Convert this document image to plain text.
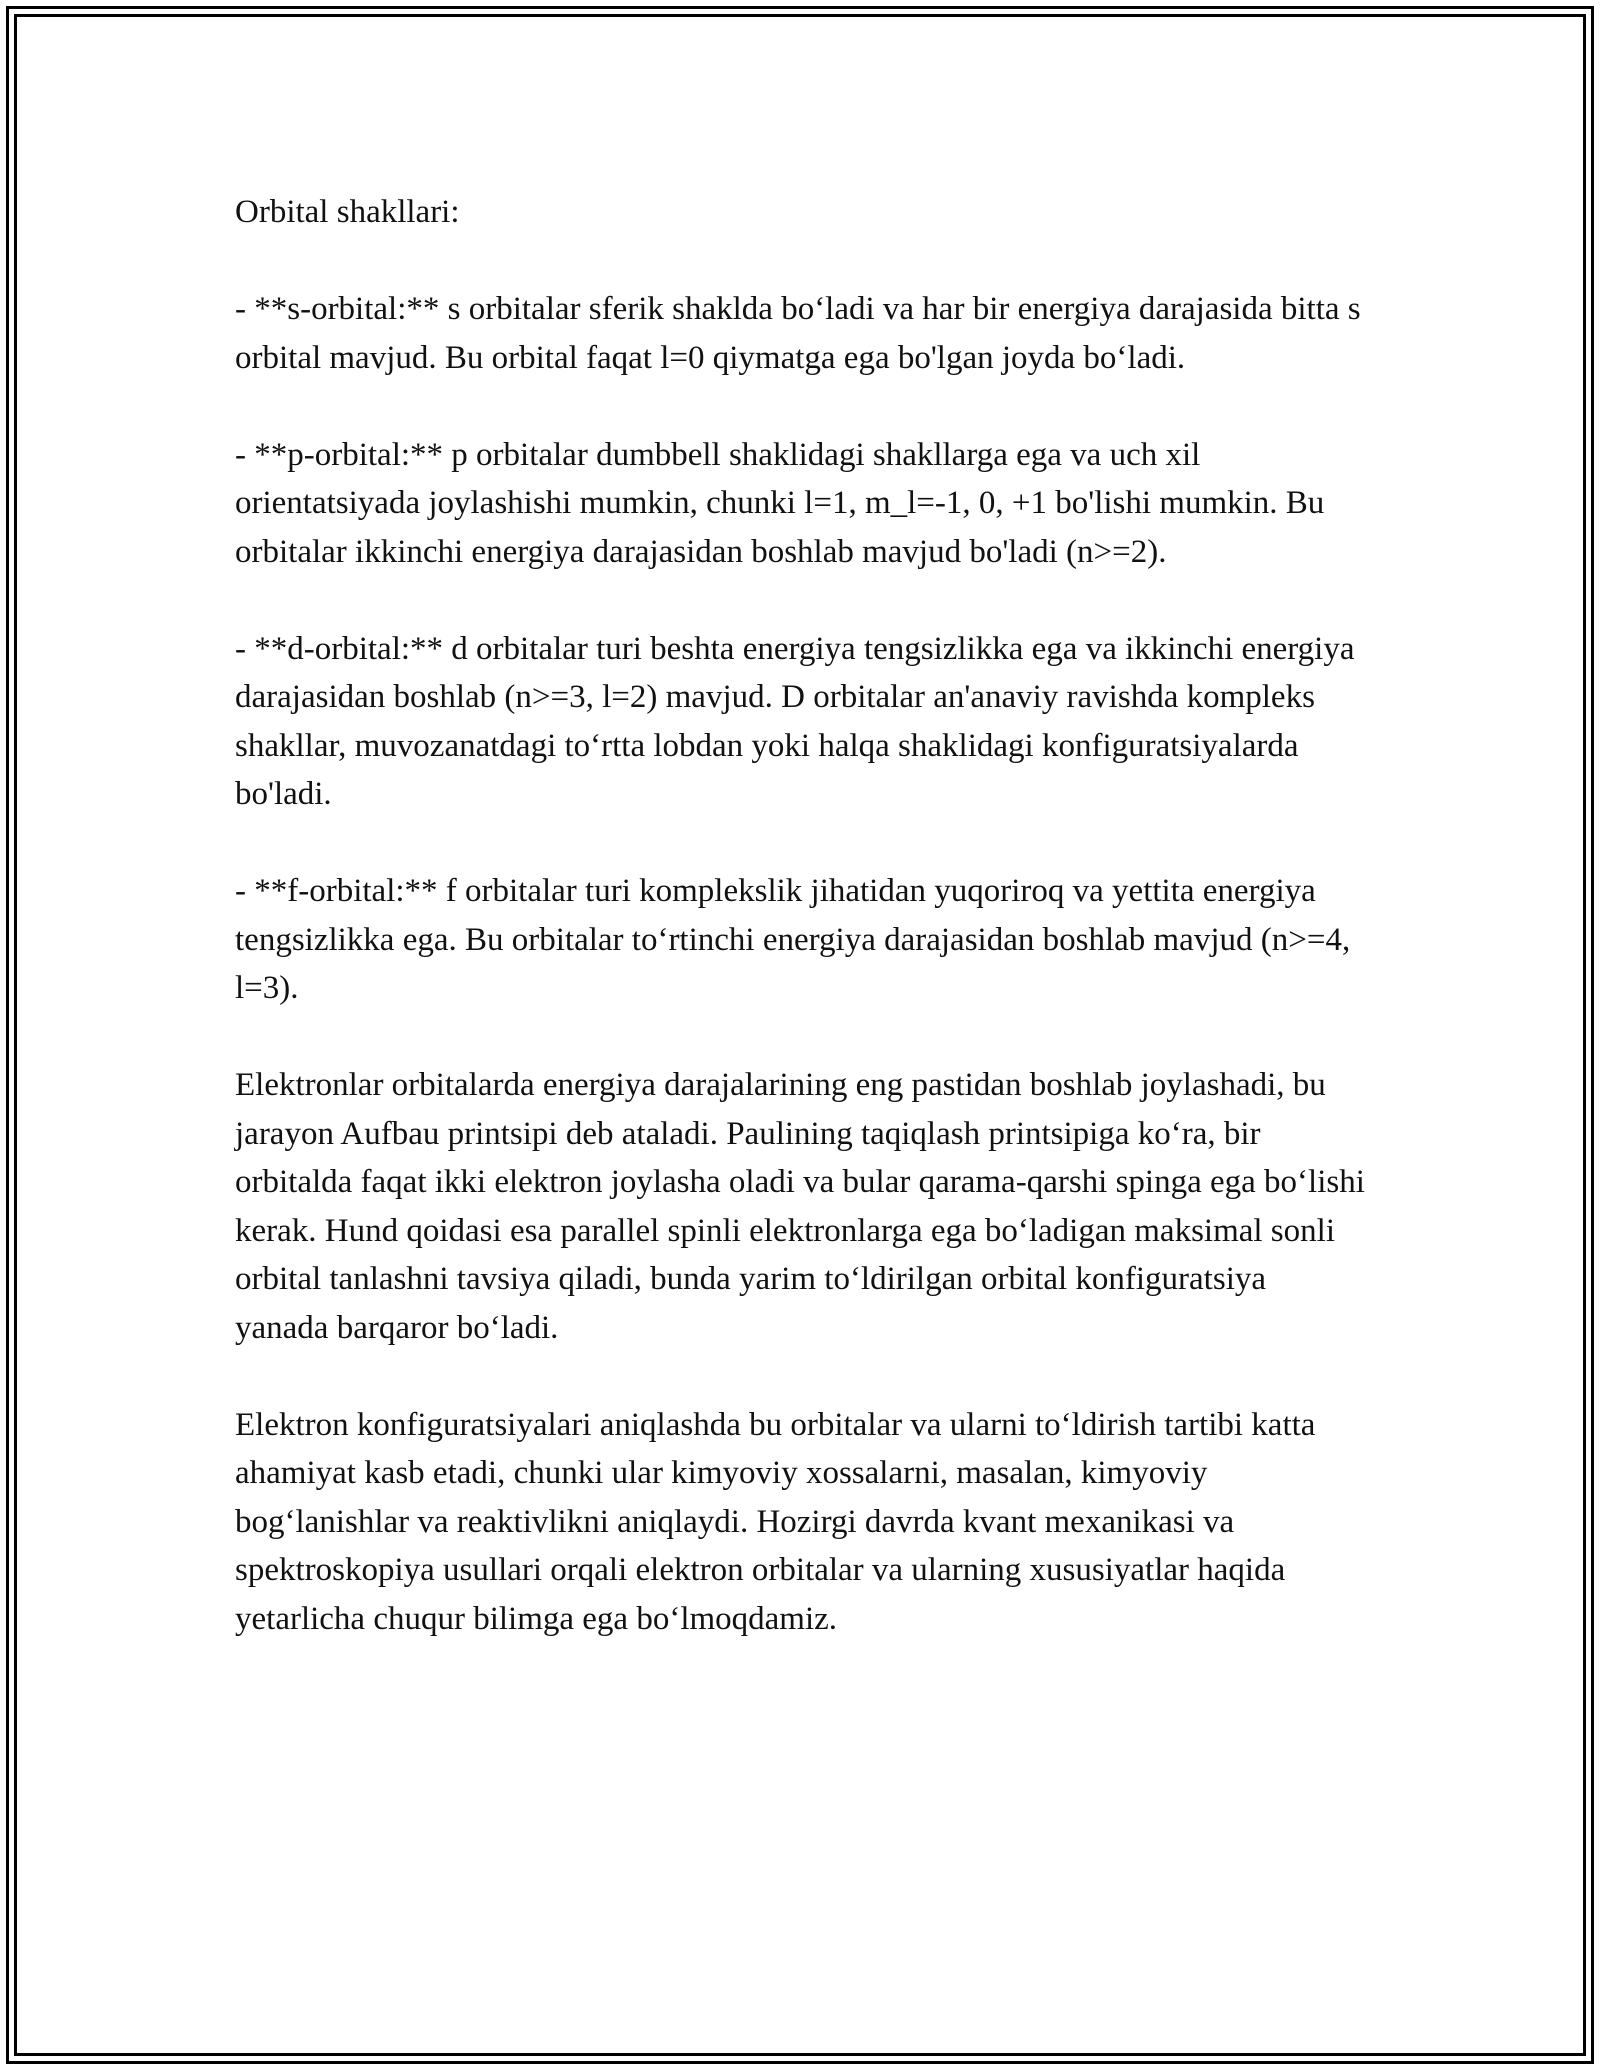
Orbital shakllari:

- **s-orbital:** s orbitalar sferik shaklda bo‘ladi va har bir energiya darajasida bitta s orbital mavjud. Bu orbital faqat l=0 qiymatga ega bo'lgan joyda bo‘ladi.

- **p-orbital:** p orbitalar dumbbell shaklidagi shakllarga ega va uch xil orientatsiyada joylashishi mumkin, chunki l=1, m_l=-1, 0, +1 bo'lishi mumkin. Bu orbitalar ikkinchi energiya darajasidan boshlab mavjud bo'ladi (n>=2).

- **d-orbital:** d orbitalar turi beshta energiya tengsizlikka ega va ikkinchi energiya darajasidan boshlab (n>=3, l=2) mavjud. D orbitalar an'anaviy ravishda kompleks shakllar, muvozanatdagi to‘rtta lobdan yoki halqa shaklidagi konfiguratsiyalarda bo'ladi.

- **f-orbital:** f orbitalar turi komplekslik jihatidan yuqoriroq va yettita energiya tengsizlikka ega. Bu orbitalar to‘rtinchi energiya darajasidan boshlab mavjud (n>=4, l=3).

Elektronlar orbitalarda energiya darajalarining eng pastidan boshlab joylashadi, bu jarayon Aufbau printsipi deb ataladi. Paulining taqiqlash printsipiga ko‘ra, bir orbitalda faqat ikki elektron joylasha oladi va bular qarama-qarshi spinga ega bo‘lishi kerak. Hund qoidasi esa parallel spinli elektronlarga ega bo‘ladigan maksimal sonli orbital tanlashni tavsiya qiladi, bunda yarim to‘ldirilgan orbital konfiguratsiya yanada barqaror bo‘ladi.

Elektron konfiguratsiyalari aniqlashda bu orbitalar va ularni to‘ldirish tartibi katta ahamiyat kasb etadi, chunki ular kimyoviy xossalarni, masalan, kimyoviy bog‘lanishlar va reaktivlikni aniqlaydi. Hozirgi davrda kvant mexanikasi va spektroskopiya usullari orqali elektron orbitalar va ularning xususiyatlar haqida yetarlicha chuqur bilimga ega bo‘lmoqdamiz.
